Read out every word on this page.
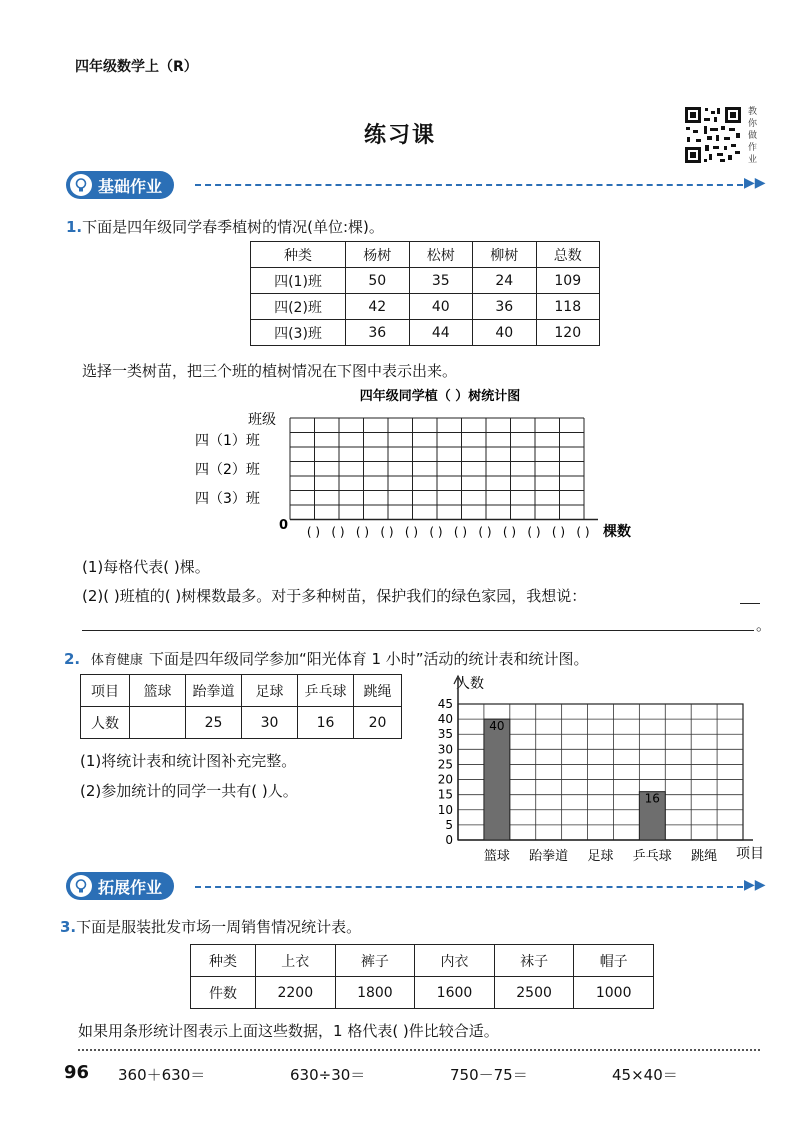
四年级数学上（R）
练习课
教你做作业
基础作业	▶▶
1.下面是四年级同学春季植树的情况(单位:棵)。
种类	杨树	松树	柳树	总数
四(1)班	50	35	24	109
四(2)班	42	40	36	118
四(3)班	36	44	40	120
选择一类树苗，把三个班的植树情况在下图中表示出来。
四年级同学植（ ）树统计图
班级
四（1）班
四（2）班
四（3）班
0 ( ) ( ) ( ) ( ) ( ) ( ) ( ) ( ) ( ) ( ) ( ) ( ) 棵数
(1)每格代表( )棵。
(2)( )班植的( )树棵数最多。对于多种树苗，保护我们的绿色家园，我想说：
。
2. 体育健康 下面是四年级同学参加“阳光体育 1 小时”活动的统计表和统计图。
项目	篮球	跆拳道	足球	乒乓球	跳绳
人数		25	30	16	20
(1)将统计表和统计图补充完整。
(2)参加统计的同学一共有( )人。
人数
40
16
0
5
10
15
20
25
30
35
40
45
篮球 跆拳道 足球 乒乓球 跳绳 项目
拓展作业	▶▶
3.下面是服装批发市场一周销售情况统计表。
种类	上衣	裤子	内衣	袜子	帽子
件数	2200	1800	1600	2500	1000
如果用条形统计图表示上面这些数据，1 格代表( )件比较合适。
96 360＋630＝	630÷30＝	750－75＝	45×40＝
